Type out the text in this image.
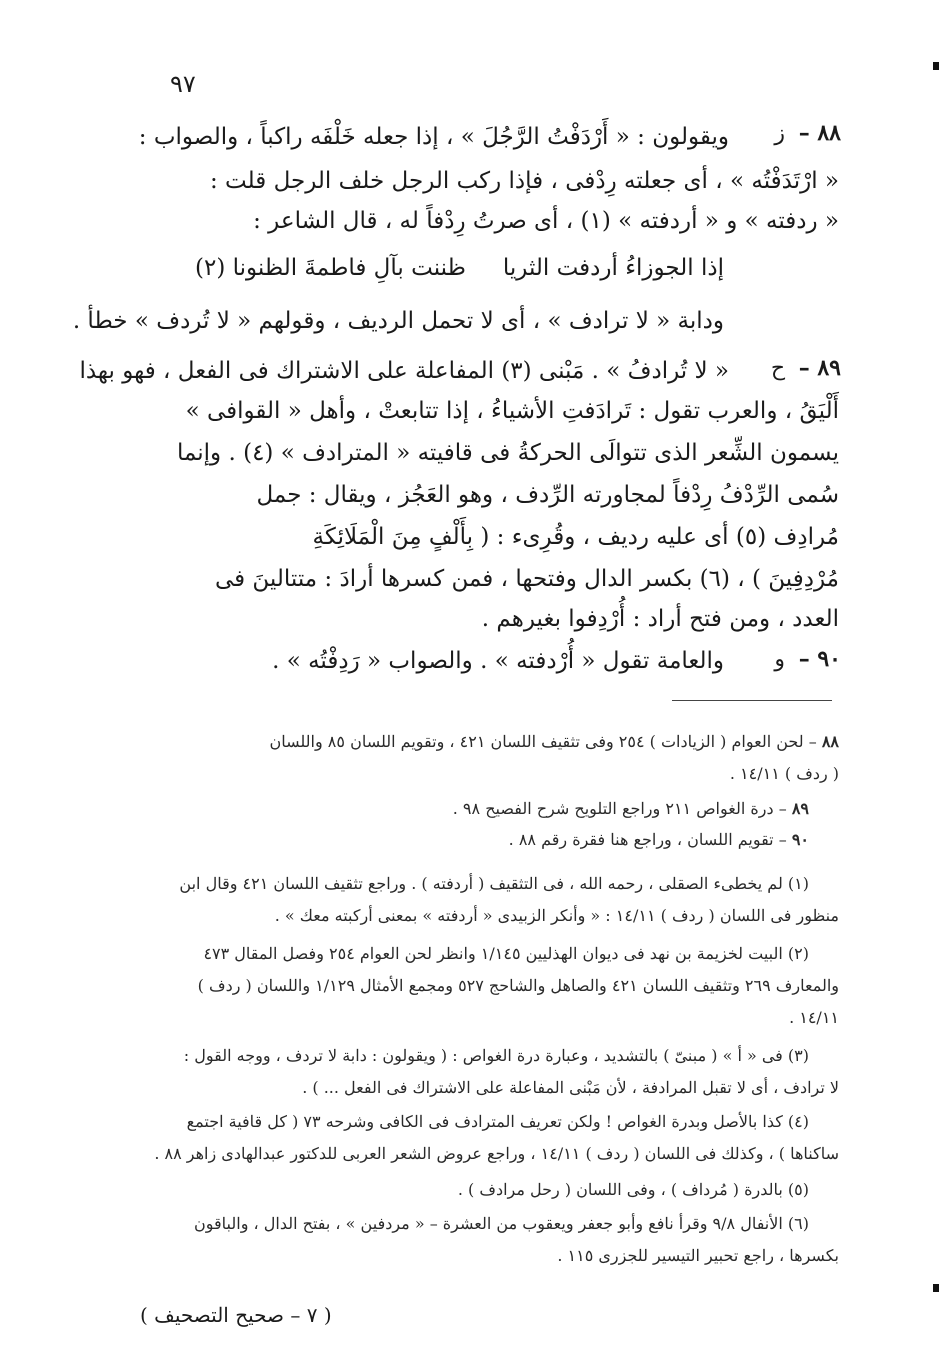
٩٧
٨٨ – ز
ويقولون : « أَرْدَفْتُ الرَّجُلَ » ، إذا جعله خَلْفَه راكباً ، والصواب :
« ارْتَدَفْتُه » ، أى جعلته رِدْفى ، فإذا ركب الرجل خلف الرجل قلت :
« ردفته » و « أردفته » (١) ، أى صرتُ رِدْفاً له ، قال الشاعر :
إذا الجوزاءُ أردفت الثريا
ظننت بآلِ فاطمةَ الظنونا (٢)
ودابة « لا ترادف » ، أى لا تحمل الرديف ، وقولهم « لا تُردف » خطأ .
٨٩ – ح
« لا تُرادفُ » . مَبْنى (٣) المفاعلة على الاشتراك فى الفعل ، فهو بهذا
أَلْيَقُ ، والعرب تقول : تَرادَفتِ الأشياءُ ، إذا تتابعتْ ، وأهل « القوافى »
يسمون الشِّعر الذى تتوالَى الحركةُ فى قافيته « المترادف » (٤) . وإنما
سُمى الرِّدْفُ رِدْفاً لمجاورته الرِّدف ، وهو العَجُز ، ويقال : جمل
مُرادِف (٥) أى عليه رديف ، وقُرِىء : ( بِأَلْفٍ مِنَ الْمَلَائِكَةِ
مُرْدِفِينَ ) ، (٦) بكسر الدال وفتحها ، فمن كسرها أرادَ : متتالينَ فى
العدد ، ومن فتح أراد : أُرْدِفوا بغيرهم .
٩٠ – و
والعامة تقول « أُرْدفته » . والصواب « رَدِفْتُه » .
٨٨ – لحن العوام ( الزيادات ) ٢٥٤ وفى تثقيف اللسان ٤٢١ ، وتقويم اللسان ٨٥ واللسان
( ردف ) ١٤/١١ .
٨٩ – درة الغواص ٢١١ وراجع التلويح شرح الفصيح ٩٨ .
٩٠ – تقويم اللسان ، وراجع هنا فقرة رقم ٨٨ .
(١) لم يخطىء الصقلى ، رحمه الله ، فى التثقيف ( أردفته ) . وراجع تثقيف اللسان ٤٢١ وقال ابن
منظور فى اللسان ( ردف ) ١٤/١١ : « وأنكر الزبيدى « أردفته » بمعنى أركبته معك » .
(٢) البيت لخزيمة بن نهد فى ديوان الهذليين ١/١٤٥ وانظر لحن العوام ٢٥٤ وفصل المقال ٤٧٣
والمعارف ٢٦٩ وتثقيف اللسان ٤٢١ والصاهل والشاحج ٥٢٧ ومجمع الأمثال ١/١٢٩ واللسان ( ردف )
١٤/١١ .
(٣) فى « أ » ( مبنىّ ) بالتشديد ، وعبارة درة الغواص : ( ويقولون : دابة لا تردف ، ووجه القول :
لا ترادف ، أى لا تقبل المرادفة ، لأن مَبْنى المفاعلة على الاشتراك فى الفعل ... ) .
(٤) كذا بالأصل وبدرة الغواص ! ولكن تعريف المترادف فى الكافى وشرحه ٧٣ ( كل قافية اجتمع
ساكناها ) ، وكذلك فى اللسان ( ردف ) ١٤/١١ ، وراجع عروض الشعر العربى للدكتور عبدالهادى زاهر ٨٨ .
(٥) بالدرة ( مُرداف ) ، وفى اللسان ( رحل مرادف ) .
(٦) الأنفال ٩/٨ وقرأ نافع وأبو جعفر ويعقوب من العشرة – « مردفين » ، بفتح الدال ، والباقون
بكسرها ، راجع تحبير التيسير للجزرى ١١٥ .
( ٧ – صحيح التصحيف )
